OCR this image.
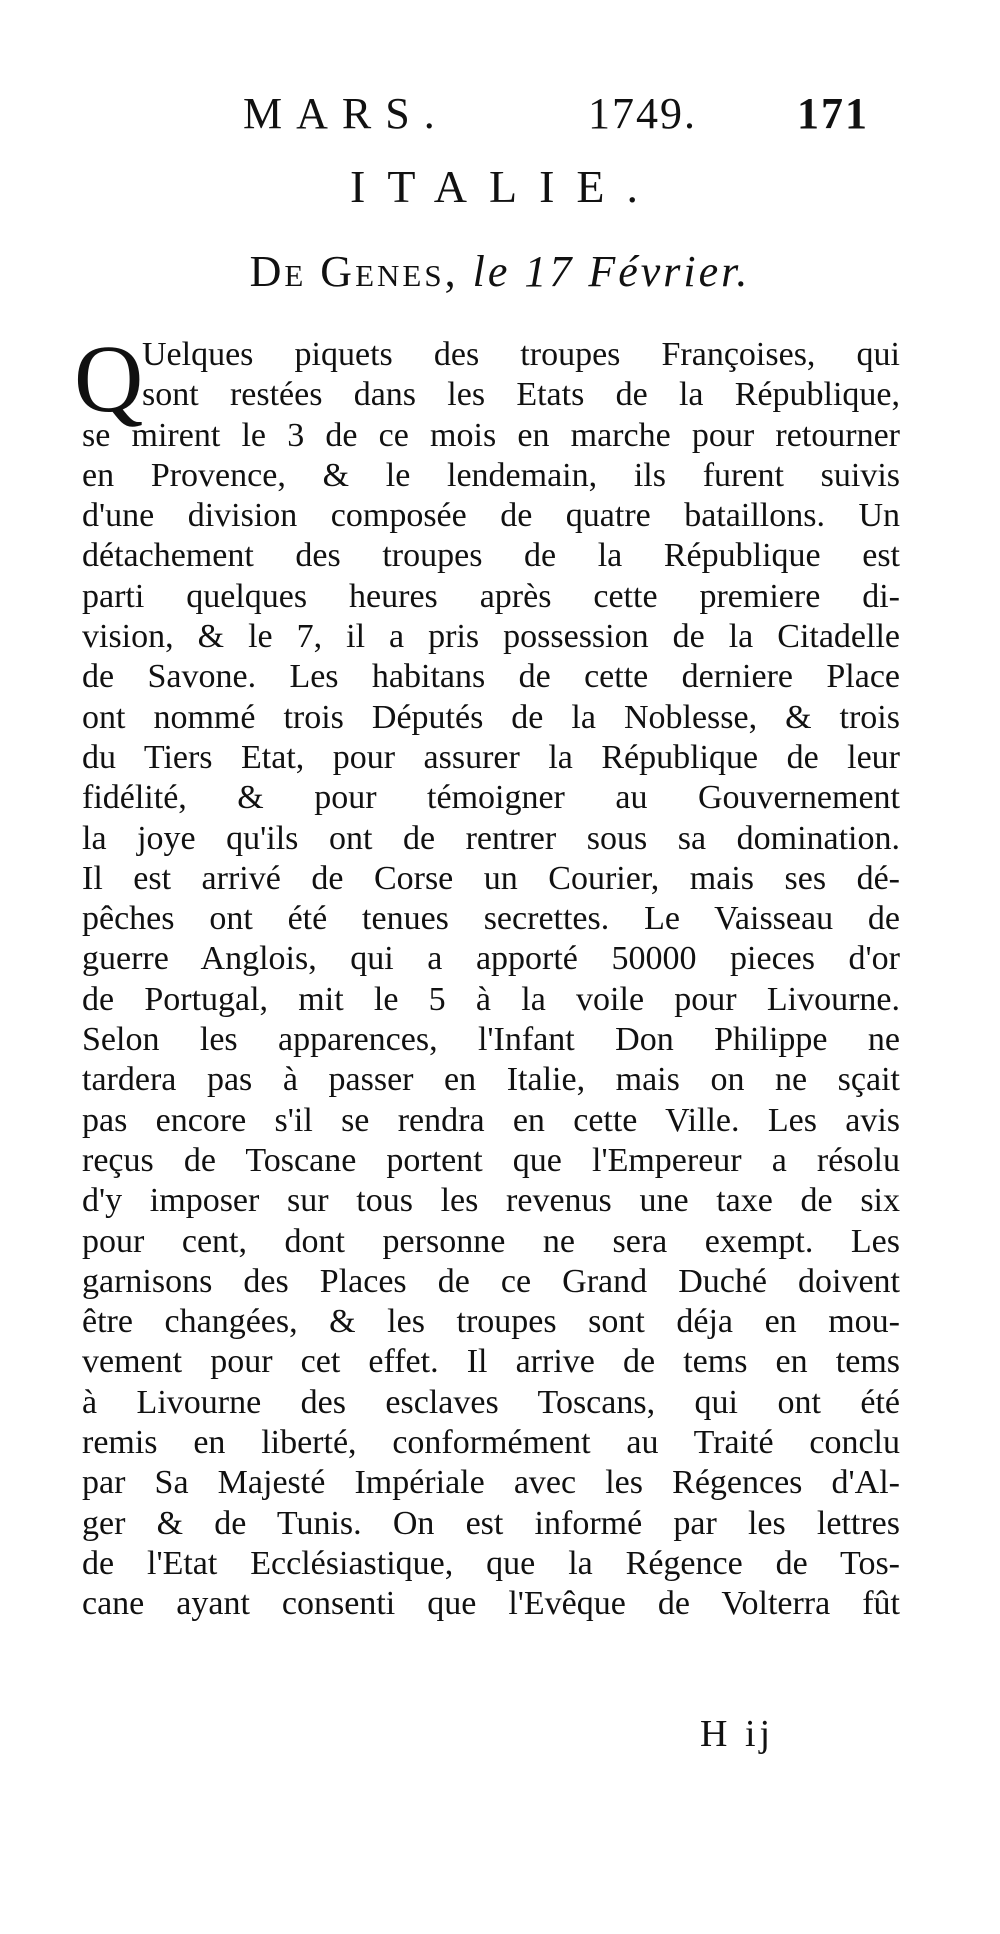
MARS.	1749. 171
ITALIE.
De Genes, le 17 Février.
Q
Uelques piquets des troupes Françoises, qui
sont restées dans les Etats de la République,
se mirent le 3 de ce mois en marche pour retourner
en Provence, & le lendemain, ils furent suivis
d'une division composée de quatre bataillons. Un
détachement des troupes de la République est
parti quelques heures après cette premiere di-
vision, & le 7, il a pris possession de la Citadelle
de Savone. Les habitans de cette derniere Place
ont nommé trois Députés de la Noblesse, & trois
du Tiers Etat, pour assurer la République de leur
fidélité, & pour témoigner au Gouvernement
la joye qu'ils ont de rentrer sous sa domination.
Il est arrivé de Corse un Courier, mais ses dé-
pêches ont été tenues secrettes. Le Vaisseau de
guerre Anglois, qui a apporté 50000 pieces d'or
de Portugal, mit le 5 à la voile pour Livourne.
Selon les apparences, l'Infant Don Philippe ne
tardera pas à passer en Italie, mais on ne sçait
pas encore s'il se rendra en cette Ville. Les avis
reçus de Toscane portent que l'Empereur a résolu
d'y imposer sur tous les revenus une taxe de six
pour cent, dont personne ne sera exempt. Les
garnisons des Places de ce Grand Duché doivent
être changées, & les troupes sont déja en mou-
vement pour cet effet. Il arrive de tems en tems
à Livourne des esclaves Toscans, qui ont été
remis en liberté, conformément au Traité conclu
par Sa Majesté Impériale avec les Régences d'Al-
ger & de Tunis. On est informé par les lettres
de l'Etat Ecclésiastique, que la Régence de Tos-
cane ayant consenti que l'Evêque de Volterra fût
H ij
